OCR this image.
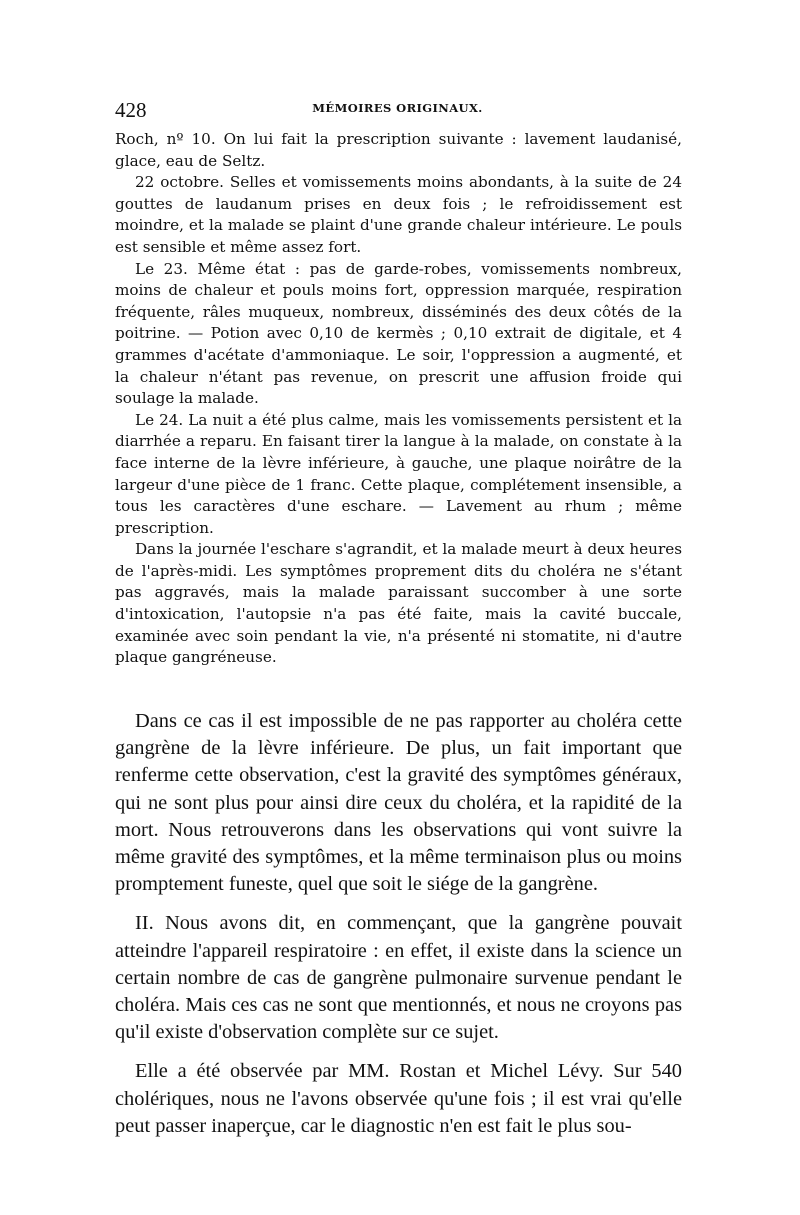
428	MÉMOIRES ORIGINAUX.

Roch, nº 10. On lui fait la prescription suivante : lavement laudanisé, glace, eau de Seltz.

22 octobre. Selles et vomissements moins abondants, à la suite de 24 gouttes de laudanum prises en deux fois ; le refroidissement est moindre, et la malade se plaint d'une grande chaleur intérieure. Le pouls est sensible et même assez fort.

Le 23. Même état : pas de garde-robes, vomissements nombreux, moins de chaleur et pouls moins fort, oppression marquée, respiration fréquente, râles muqueux, nombreux, disséminés des deux côtés de la poitrine. — Potion avec 0,10 de kermès ; 0,10 extrait de digitale, et 4 grammes d'acétate d'ammoniaque. Le soir, l'oppression a augmenté, et la chaleur n'étant pas revenue, on prescrit une affusion froide qui soulage la malade.

Le 24. La nuit a été plus calme, mais les vomissements persistent et la diarrhée a reparu. En faisant tirer la langue à la malade, on constate à la face interne de la lèvre inférieure, à gauche, une plaque noirâtre de la largeur d'une pièce de 1 franc. Cette plaque, complétement insensible, a tous les caractères d'une eschare. — Lavement au rhum ; même prescription.

Dans la journée l'eschare s'agrandit, et la malade meurt à deux heures de l'après-midi. Les symptômes proprement dits du choléra ne s'étant pas aggravés, mais la malade paraissant succomber à une sorte d'intoxication, l'autopsie n'a pas été faite, mais la cavité buccale, examinée avec soin pendant la vie, n'a présenté ni stomatite, ni d'autre plaque gangréneuse.

Dans ce cas il est impossible de ne pas rapporter au choléra cette gangrène de la lèvre inférieure. De plus, un fait important que renferme cette observation, c'est la gravité des symptômes généraux, qui ne sont plus pour ainsi dire ceux du choléra, et la rapidité de la mort. Nous retrouverons dans les observations qui vont suivre la même gravité des symptômes, et la même terminaison plus ou moins promptement funeste, quel que soit le siége de la gangrène.

II. Nous avons dit, en commençant, que la gangrène pouvait atteindre l'appareil respiratoire : en effet, il existe dans la science un certain nombre de cas de gangrène pulmonaire survenue pendant le choléra. Mais ces cas ne sont que mentionnés, et nous ne croyons pas qu'il existe d'observation complète sur ce sujet.

Elle a été observée par MM. Rostan et Michel Lévy. Sur 540 cholériques, nous ne l'avons observée qu'une fois ; il est vrai qu'elle peut passer inaperçue, car le diagnostic n'en est fait le plus sou-
